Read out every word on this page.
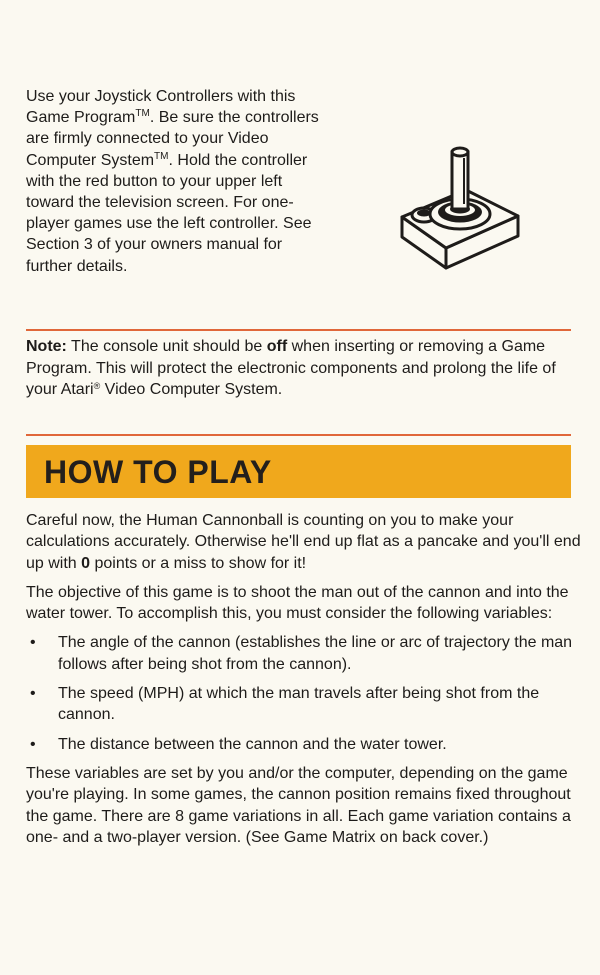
Use your Joystick Controllers with this Game Program™. Be sure the controllers are firmly connected to your Video Computer System™. Hold the controller with the red button to your upper left toward the television screen. For one-player games use the left controller. See Section 3 of your owners manual for further details.

Note: The console unit should be off when inserting or removing a Game Program. This will protect the electronic components and prolong the life of your Atari® Video Computer System.

HOW TO PLAY

Careful now, the Human Cannonball is counting on you to make your calculations accurately. Otherwise he'll end up flat as a pancake and you'll end up with 0 points or a miss to show for it!

The objective of this game is to shoot the man out of the cannon and into the water tower. To accomplish this, you must consider the following variables:

• The angle of the cannon (establishes the line or arc of trajectory the man follows after being shot from the cannon).
• The speed (MPH) at which the man travels after being shot from the cannon.
• The distance between the cannon and the water tower.

These variables are set by you and/or the computer, depending on the game you're playing. In some games, the cannon position remains fixed throughout the game. There are 8 game variations in all. Each game variation contains a one- and a two-player version. (See Game Matrix on back cover.)
